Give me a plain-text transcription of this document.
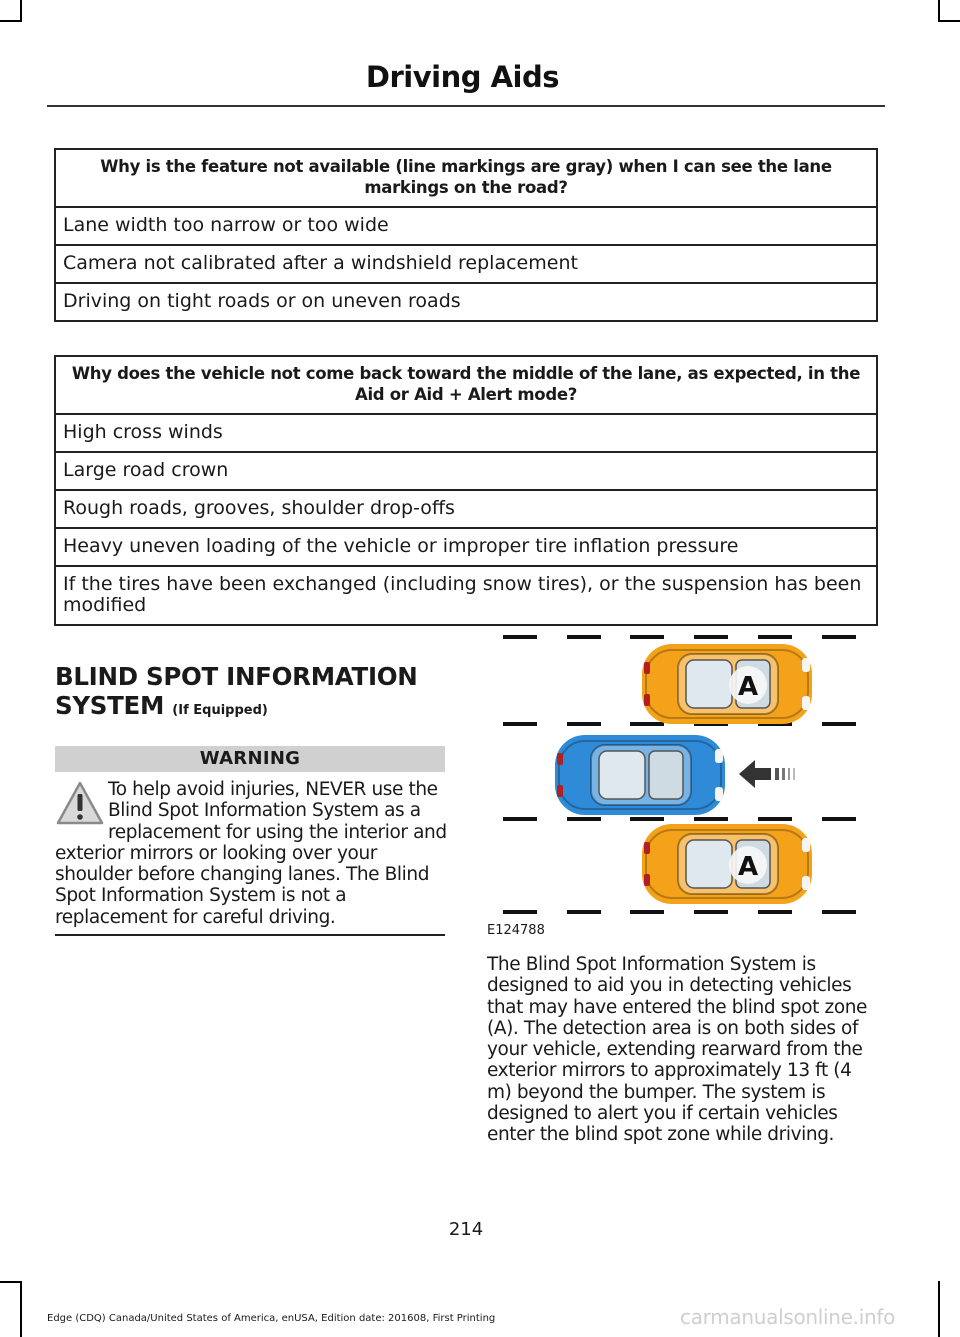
Driving Aids
Why is the feature not available (line markings are gray) when I can see the lane markings on the road?
Lane width too narrow or too wide
Camera not calibrated after a windshield replacement
Driving on tight roads or on uneven roads
Why does the vehicle not come back toward the middle of the lane, as expected, in the Aid or Aid + Alert mode?
High cross winds
Large road crown
Rough roads, grooves, shoulder drop-offs
Heavy uneven loading of the vehicle or improper tire inflation pressure
If the tires have been exchanged (including snow tires), or the suspension has been modified
BLIND SPOT INFORMATION SYSTEM (If Equipped)
WARNING

To help avoid injuries, NEVER use the Blind Spot Information System as a replacement for using the interior and exterior mirrors or looking over your shoulder before changing lanes. The Blind Spot Information System is not a replacement for careful driving.

A
A
E124788

The Blind Spot Information System is designed to aid you in detecting vehicles that may have entered the blind spot zone (A). The detection area is on both sides of your vehicle, extending rearward from the exterior mirrors to approximately 13 ft (4 m) beyond the bumper. The system is designed to alert you if certain vehicles enter the blind spot zone while driving.

214
Edge (CDQ) Canada/United States of America, enUSA, Edition date: 201608, First Printing	carmanualsonline.info
